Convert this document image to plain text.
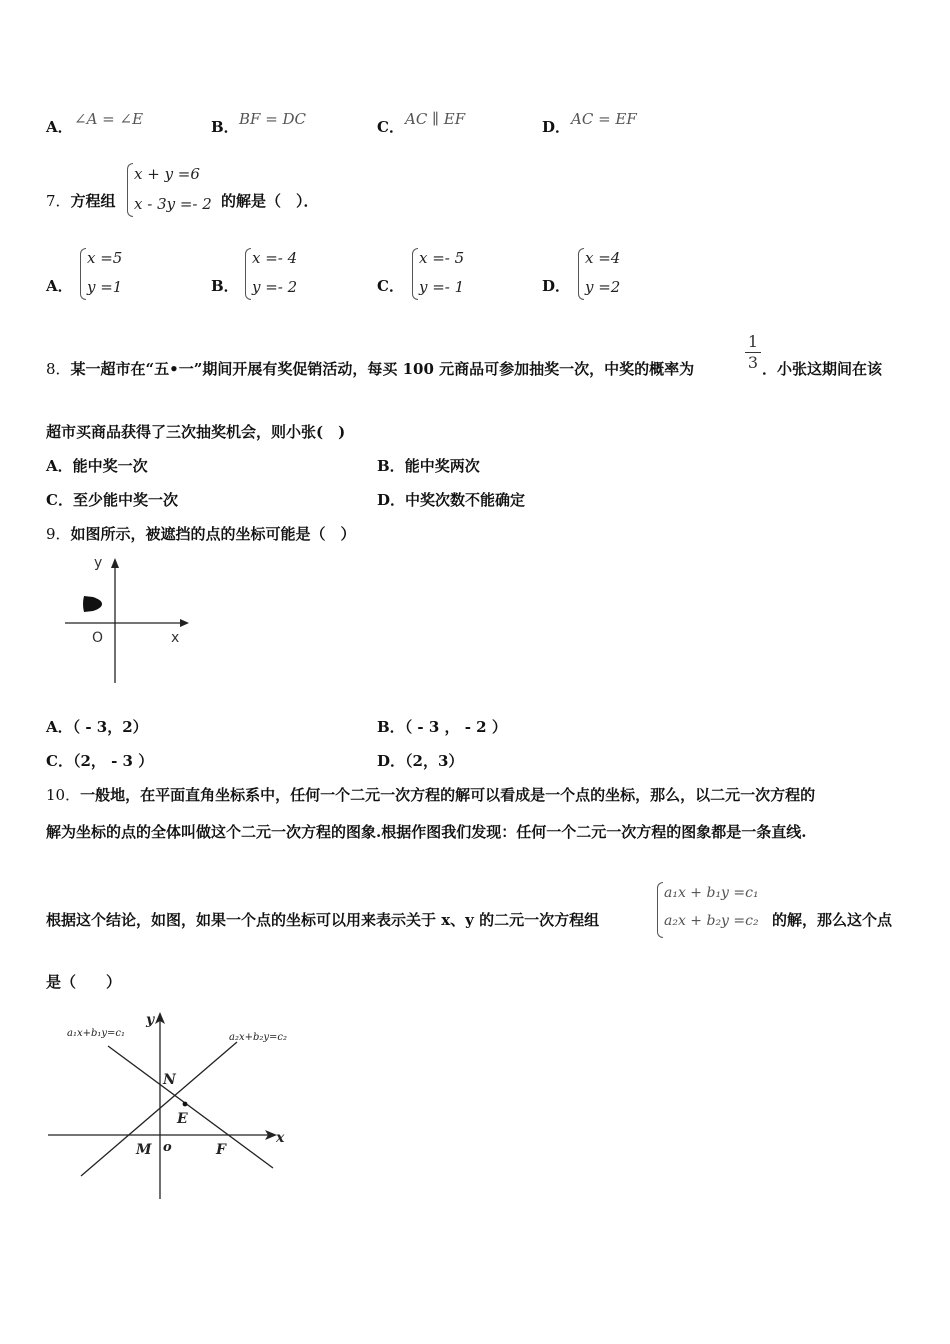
A． ∠A = ∠E	B． BF = DC	C． AC ∥ EF	D． AC = EF
7．方程组
x + y =6
x - 3y =- 2 的解是（　）．
A．
x =5
y =1	B．
x =- 4
y =- 2	C．
x =- 5
y =- 1	D．
x =4
y =2
8．某一超市在“五•一”期间开展有奖促销活动，每买 100 元商品可参加抽奖一次，中奖的概率为
1
3 ．小张这期间在该
超市买商品获得了三次抽奖机会，则小张(　)
A．能中奖一次	B．能中奖两次
C．至少能中奖一次	D．中奖次数不能确定
9．如图所示，被遮挡的点的坐标可能是（　）
y
x
O
A．（ - 3，2）	B．（ - 3 ， - 2 ）
C．（2， - 3 ）	D．（2，3）
10．一般地，在平面直角坐标系中，任何一个二元一次方程的解可以看成是一个点的坐标，那么，以二元一次方程的
解为坐标的点的全体叫做这个二元一次方程的图象.根据作图我们发现：任何一个二元一次方程的图象都是一条直线.
根据这个结论，如图，如果一个点的坐标可以用来表示关于 x、y 的二元一次方程组
a₁x + b₁y =c₁
a₂x + b₂y =c₂ 的解，那么这个点
是（　　）
a₁x+b₁y=c₁	a₂x+b₂y=c₂
y
x
N
E
M o	F
